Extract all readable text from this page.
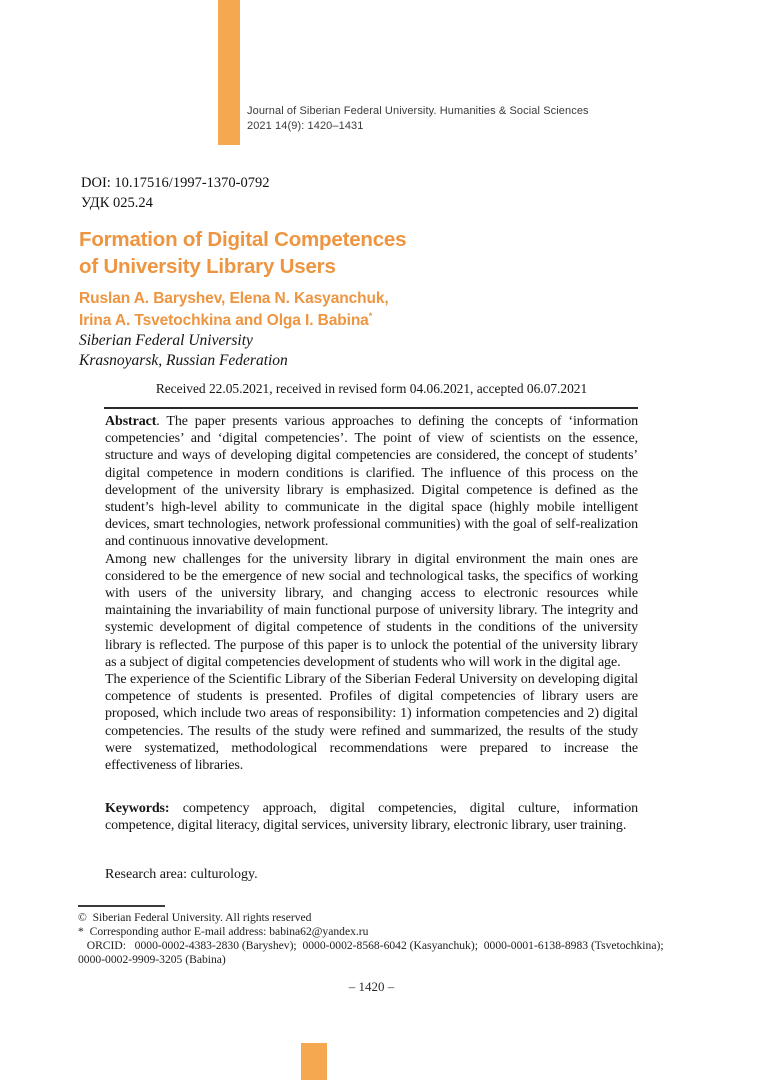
Journal of Siberian Federal University. Humanities & Social Sciences
2021 14(9): 1420–1431
DOI: 10.17516/1997-1370-0792
УДК 025.24
Formation of Digital Competences
of University Library Users
Ruslan A. Baryshev, Elena N. Kasyanchuk,
Irina A. Tsvetochkina and Olga I. Babina*
Siberian Federal University
Krasnoyarsk, Russian Federation
Received 22.05.2021, received in revised form 04.06.2021, accepted 06.07.2021

Abstract. The paper presents various approaches to defining the concepts of ‘information competencies’ and ‘digital competencies’. The point of view of scientists on the essence, structure and ways of developing digital competencies are considered, the concept of students’ digital competence in modern conditions is clarified. The influence of this process on the development of the university library is emphasized. Digital competence is defined as the student’s high-level ability to communicate in the digital space (highly mobile intelligent devices, smart technologies, network professional communities) with the goal of self-realization and continuous innovative development.

Among new challenges for the university library in digital environment the main ones are considered to be the emergence of new social and technological tasks, the specifics of working with users of the university library, and changing access to electronic resources while maintaining the invariability of main functional purpose of university library. The integrity and systemic development of digital competence of students in the conditions of the university library is reflected. The purpose of this paper is to unlock the potential of the university library as a subject of digital competencies development of students who will work in the digital age.

The experience of the Scientific Library of the Siberian Federal University on developing digital competence of students is presented. Profiles of digital competencies of library users are proposed, which include two areas of responsibility: 1) information competencies and 2) digital competencies. The results of the study were refined and summarized, the results of the study were systematized, methodological recommendations were prepared to increase the effectiveness of libraries.

Keywords: competency approach, digital competencies, digital culture, information competence, digital literacy, digital services, university library, electronic library, user training.
Research area: culturology.
©  Siberian Federal University. All rights reserved
*  Corresponding author E-mail address: babina62@yandex.ru
ORCID:   0000-0002-4383-2830 (Baryshev);  0000-0002-8568-6042 (Kasyanchuk);  0000-0001-6138-8983 (Tsvetochkina);
0000-0002-9909-3205 (Babina)
– 1420 –
